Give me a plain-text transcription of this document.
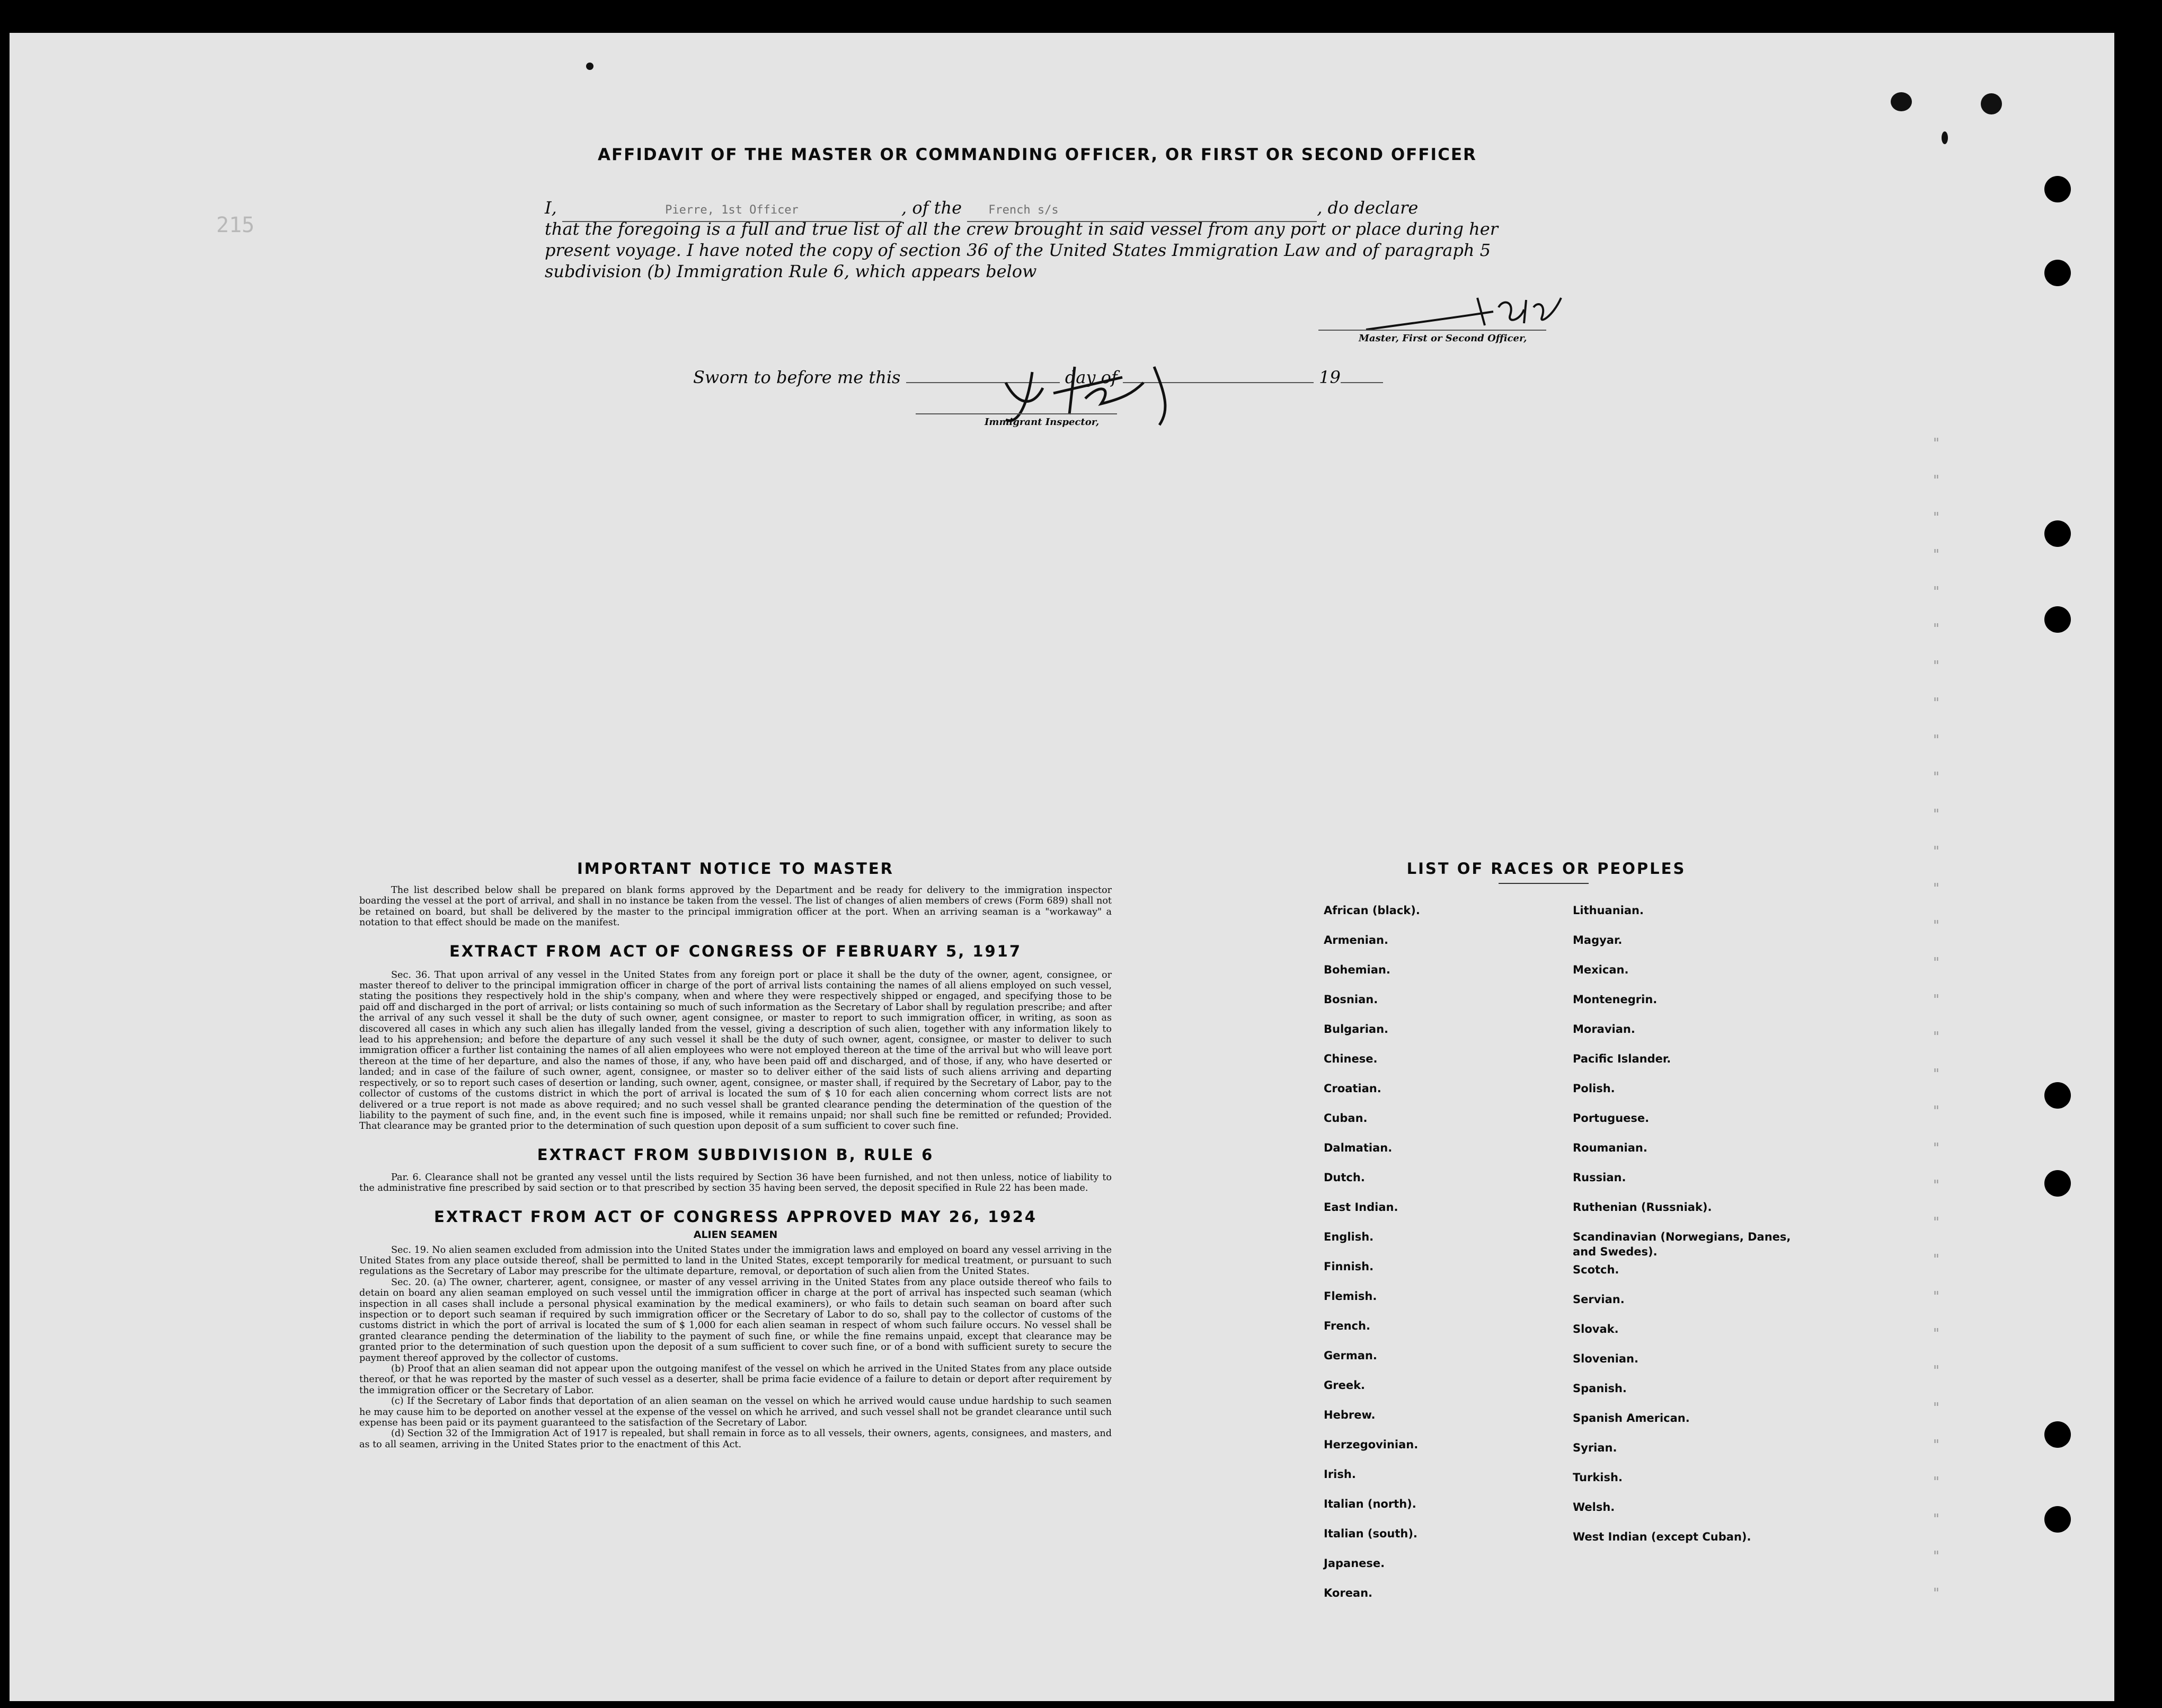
215
AFFIDAVIT OF THE MASTER OR COMMANDING OFFICER, OR FIRST OR SECOND OFFICER
I,	Pierre, 1st Officer	, of the French s/s	, do declare
that the foregoing is a full and true list of all the crew brought in said vessel from any port or place during her
present voyage. I have noted the copy of section 36 of the United States Immigration Law and of paragraph 5
subdivision (b) Immigration Rule 6, which appears below
Master, First or Second Officer,
Sworn to before me this	day of	19
Immigrant Inspector,

IMPORTANT NOTICE TO MASTER

The list described below shall be prepared on blank forms approved by the Department and be ready for delivery to the immigration inspector boarding the vessel at the port of arrival, and shall in no instance be taken from the vessel. The list of changes of alien members of crews (Form 689) shall not be retained on board, but shall be delivered by the master to the principal immigration officer at the port. When an arriving seaman is a "workaway" a notation to that effect should be made on the manifest.

EXTRACT FROM ACT OF CONGRESS OF FEBRUARY 5, 1917

Sec. 36. That upon arrival of any vessel in the United States from any foreign port or place it shall be the duty of the owner, agent, consignee, or master thereof to deliver to the principal immigration officer in charge of the port of arrival lists containing the names of all aliens employed on such vessel, stating the positions they respectively hold in the ship's company, when and where they were respectively shipped or engaged, and specifying those to be paid off and discharged in the port of arrival; or lists containing so much of such information as the Secretary of Labor shall by regulation prescribe; and after the arrival of any such vessel it shall be the duty of such owner, agent consignee, or master to report to such immigration officer, in writing, as soon as discovered all cases in which any such alien has illegally landed from the vessel, giving a description of such alien, together with any information likely to lead to his apprehension; and before the departure of any such vessel it shall be the duty of such owner, agent, consignee, or master to deliver to such immigration officer a further list containing the names of all alien employees who were not employed thereon at the time of the arrival but who will leave port thereon at the time of her departure, and also the names of those, if any, who have been paid off and discharged, and of those, if any, who have deserted or landed; and in case of the failure of such owner, agent, consignee, or master so to deliver either of the said lists of such aliens arriving and departing respectively, or so to report such cases of desertion or landing, such owner, agent, consignee, or master shall, if required by the Secretary of Labor, pay to the collector of customs of the customs district in which the port of arrival is located the sum of $ 10 for each alien concerning whom correct lists are not delivered or a true report is not made as above required; and no such vessel shall be granted clearance pending the determination of the question of the liability to the payment of such fine, and, in the event such fine is imposed, while it remains unpaid; nor shall such fine be remitted or refunded; Provided. That clearance may be granted prior to the determination of such question upon deposit of a sum sufficient to cover such fine.

EXTRACT FROM SUBDIVISION B, RULE 6

Par. 6. Clearance shall not be granted any vessel until the lists required by Section 36 have been furnished, and not then unless, notice of liability to the administrative fine prescribed by said section or to that prescribed by section 35 having been served, the deposit specified in Rule 22 has been made.

EXTRACT FROM ACT OF CONGRESS APPROVED MAY 26, 1924

ALIEN SEAMEN

Sec. 19. No alien seamen excluded from admission into the United States under the immigration laws and employed on board any vessel arriving in the United States from any place outside thereof, shall be permitted to land in the United States, except temporarily for medical treatment, or pursuant to such regulations as the Secretary of Labor may prescribe for the ultimate departure, removal, or deportation of such alien from the United States.

Sec. 20. (a) The owner, charterer, agent, consignee, or master of any vessel arriving in the United States from any place outside thereof who fails to detain on board any alien seaman employed on such vessel until the immigration officer in charge at the port of arrival has inspected such seaman (which inspection in all cases shall include a personal physical examination by the medical examiners), or who fails to detain such seaman on board after such inspection or to deport such seaman if required by such immigration officer or the Secretary of Labor to do so, shall pay to the collector of customs of the customs district in which the port of arrival is located the sum of $ 1,000 for each alien seaman in respect of whom such failure occurs. No vessel shall be granted clearance pending the determination of the liability to the payment of such fine, or while the fine remains unpaid, except that clearance may be granted prior to the determination of such question upon the deposit of a sum sufficient to cover such fine, or of a bond with sufficient surety to secure the payment thereof approved by the collector of customs.

(b) Proof that an alien seaman did not appear upon the outgoing manifest of the vessel on which he arrived in the United States from any place outside thereof, or that he was reported by the master of such vessel as a deserter, shall be prima facie evidence of a failure to detain or deport after requirement by the immigration officer or the Secretary of Labor.

(c) If the Secretary of Labor finds that deportation of an alien seaman on the vessel on which he arrived would cause undue hardship to such seamen he may cause him to be deported on another vessel at the expense of the vessel on which he arrived, and such vessel shall not be grandet clearance until such expense has been paid or its payment guaranteed to the satisfaction of the Secretary of Labor.

(d) Section 32 of the Immigration Act of 1917 is repealed, but shall remain in force as to all vessels, their owners, agents, consignees, and masters, and as to all seamen, arriving in the United States prior to the enactment of this Act.

LIST OF RACES OR PEOPLES
African (black).
Armenian.
Bohemian.
Bosnian.
Bulgarian.
Chinese.
Croatian.
Cuban.
Dalmatian.
Dutch.
East Indian.
English.
Finnish.
Flemish.
French.
German.
Greek.
Hebrew.
Herzegovinian.
Irish.
Italian (north).
Italian (south).
Japanese.
Korean.
Lithuanian.
Magyar.
Mexican.
Montenegrin.
Moravian.
Pacific Islander.
Polish.
Portuguese.
Roumanian.
Russian.
Ruthenian (Russniak).
Scandinavian (Norwegians, Danes, and Swedes).
Scotch.
Servian.
Slovak.
Slovenian.
Spanish.
Spanish American.
Syrian.
Turkish.
Welsh.
West Indian (except Cuban).
"
"
"
"
"
"
"
"
"
"
"
"
"
"
"
"
"
"
"
"
"
"
"
"
"
"
"
"
"
"
"
"
